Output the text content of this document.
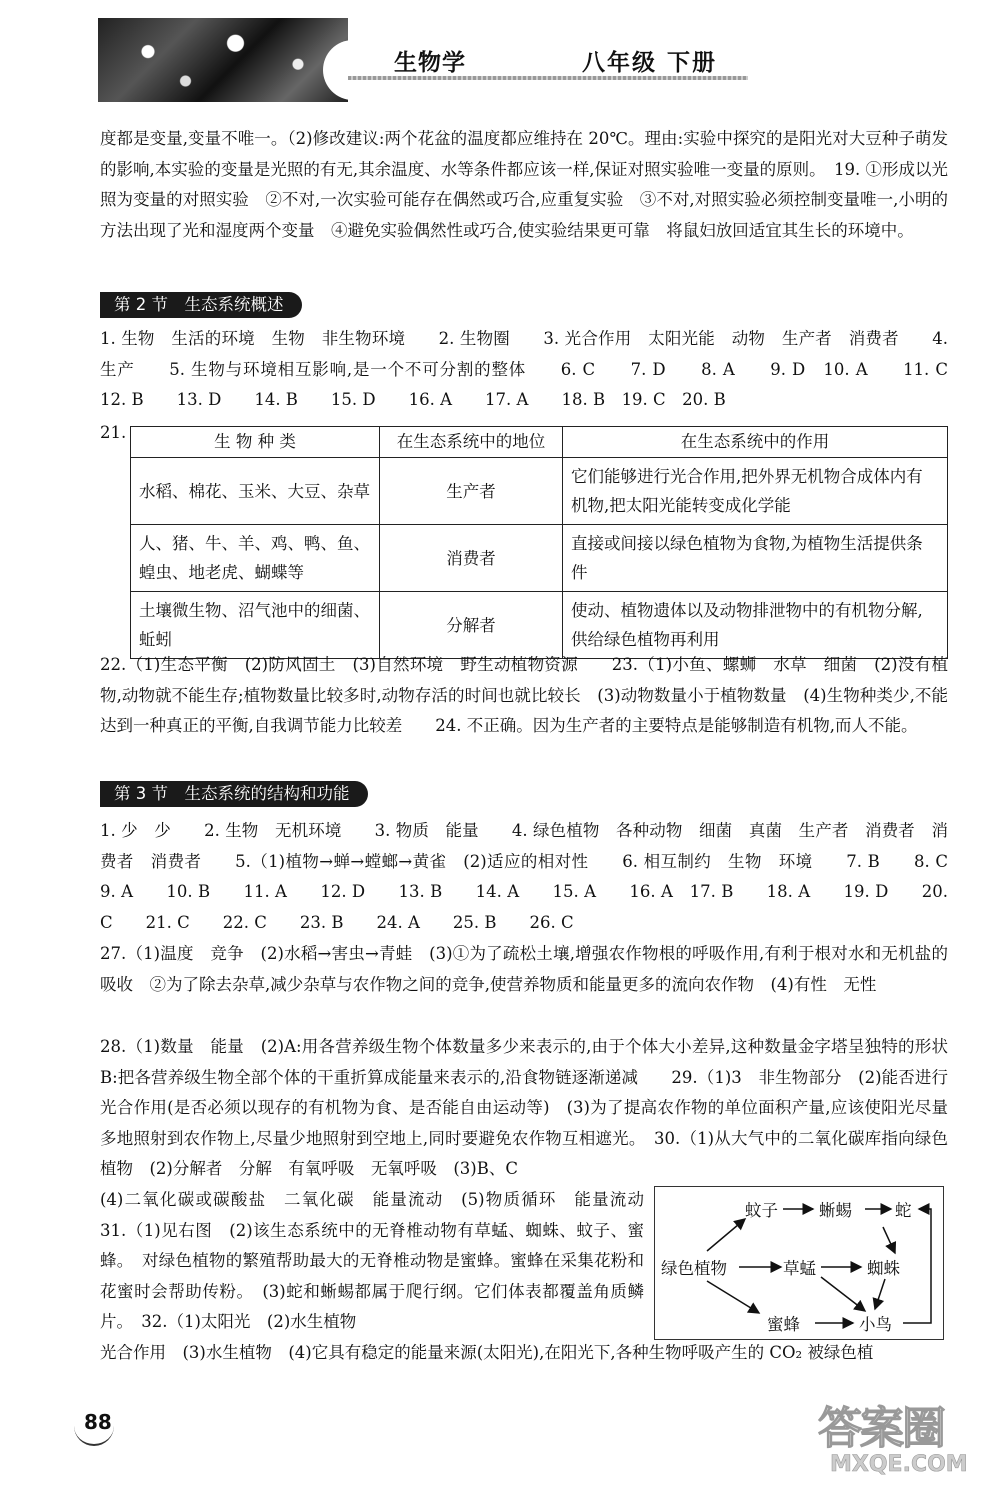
生物学	八年级 下册
度都是变量,变量不唯一。（2)修改建议:两个花盆的温度都应维持在 20℃。理由:实验中探究的是阳光对大豆种子萌发的影响,本实验的变量是光照的有无,其余温度、水等条件都应该一样,保证对照实验唯一变量的原则。　19. ①形成以光照为变量的对照实验　②不对,一次实验可能存在偶然或巧合,应重复实验　③不对,对照实验必须控制变量唯一,小明的方法出现了光和湿度两个变量　④避免实验偶然性或巧合,使实验结果更可靠　将鼠妇放回适宜其生长的环境中。
第 2 节　生态系统概述
1. 生物　生活的环境　生物　非生物环境　　2. 生物圈　　3. 光合作用　太阳光能　动物　生产者　消费者　　4. 生产　　5. 生物与环境相互影响,是一个不可分割的整体　　6. C　　7. D　　8. A　　9. D　10. A　　11. C　　12. B　　13. D　　14. B　　15. D　　16. A　　17. A　　18. B　19. C　20. B
21.	生 物 种 类	在生态系统中的地位	在生态系统中的作用
水稻、棉花、玉米、大豆、杂草	生产者	它们能够进行光合作用,把外界无机物合成体内有机物,把太阳光能转变成化学能
人、猪、牛、羊、鸡、鸭、鱼、蝗虫、地老虎、蝴蝶等	消费者	直接或间接以绿色植物为食物,为植物生活提供条件
土壤微生物、沼气池中的细菌、蚯蚓	分解者	使动、植物遗体以及动物排泄物中的有机物分解,供给绿色植物再利用
22.（1)生态平衡　(2)防风固土　(3)自然环境　野生动植物资源　　23.（1)小鱼、螺蛳　水草　细菌　(2)没有植物,动物就不能生存;植物数量比较多时,动物存活的时间也就比较长　(3)动物数量小于植物数量　(4)生物种类少,不能达到一种真正的平衡,自我调节能力比较差　　24. 不正确。因为生产者的主要特点是能够制造有机物,而人不能。
第 3 节　生态系统的结构和功能
1. 少　少　　2. 生物　无机环境　　3. 物质　能量　　4. 绿色植物　各种动物　细菌　真菌　生产者　消费者　消费者　消费者　　5.（1)植物→蝉→螳螂→黄雀　(2)适应的相对性　　6. 相互制约　生物　环境　　7. B　　8. C　　9. A　　10. B　　11. A　　12. D　　13. B　　14. A　　15. A　　16. A　17. B　　18. A　　19. D　　20. C　　21. C　　22. C　　23. B　　24. A　　25. B　　26. C
27.（1)温度　竞争　(2)水稻→害虫→青蛙　(3)①为了疏松土壤,增强农作物根的呼吸作用,有利于根对水和无机盐的吸收　②为了除去杂草,减少杂草与农作物之间的竞争,使营养物质和能量更多的流向农作物　(4)有性　无性
28.（1)数量　能量　(2)A:用各营养级生物个体数量多少来表示的,由于个体大小差异,这种数量金字塔呈独特的形状　B:把各营养级生物全部个体的干重折算成能量来表示的,沿食物链逐渐递减　　29.（1)3　非生物部分　(2)能否进行光合作用(是否必须以现存的有机物为食、是否能自由运动等)　(3)为了提高农作物的单位面积产量,应该使阳光尽量多地照射到农作物上,尽量少地照射到空地上,同时要避免农作物互相遮光。　30.（1)从大气中的二氧化碳库指向绿色植物　(2)分解者　分解　有氧呼吸　无氧呼吸　(3)B、C
(4)二氧化碳或碳酸盐　二氧化碳　能量流动　(5)物质循环　能量流动　　31.（1)见右图　(2)该生态系统中的无脊椎动物有草蜢、蜘蛛、蚊子、蜜蜂。　对绿色植物的繁殖帮助最大的无脊椎动物是蜜蜂。蜜蜂在采集花粉和花蜜时会帮助传粉。　(3)蛇和蜥蜴都属于爬行纲。它们体表都覆盖角质鳞片。　32.（1)太阳光　(2)水生植物
光合作用　(3)水生植物　(4)它具有稳定的能量来源(太阳光),在阳光下,各种生物呼吸产生的 CO₂ 被绿色植
蚊子 蜥蜴	蛇
绿色植物	草蜢	蜘蛛
蜜蜂	小鸟
88	答案圈
MXQE.COM
